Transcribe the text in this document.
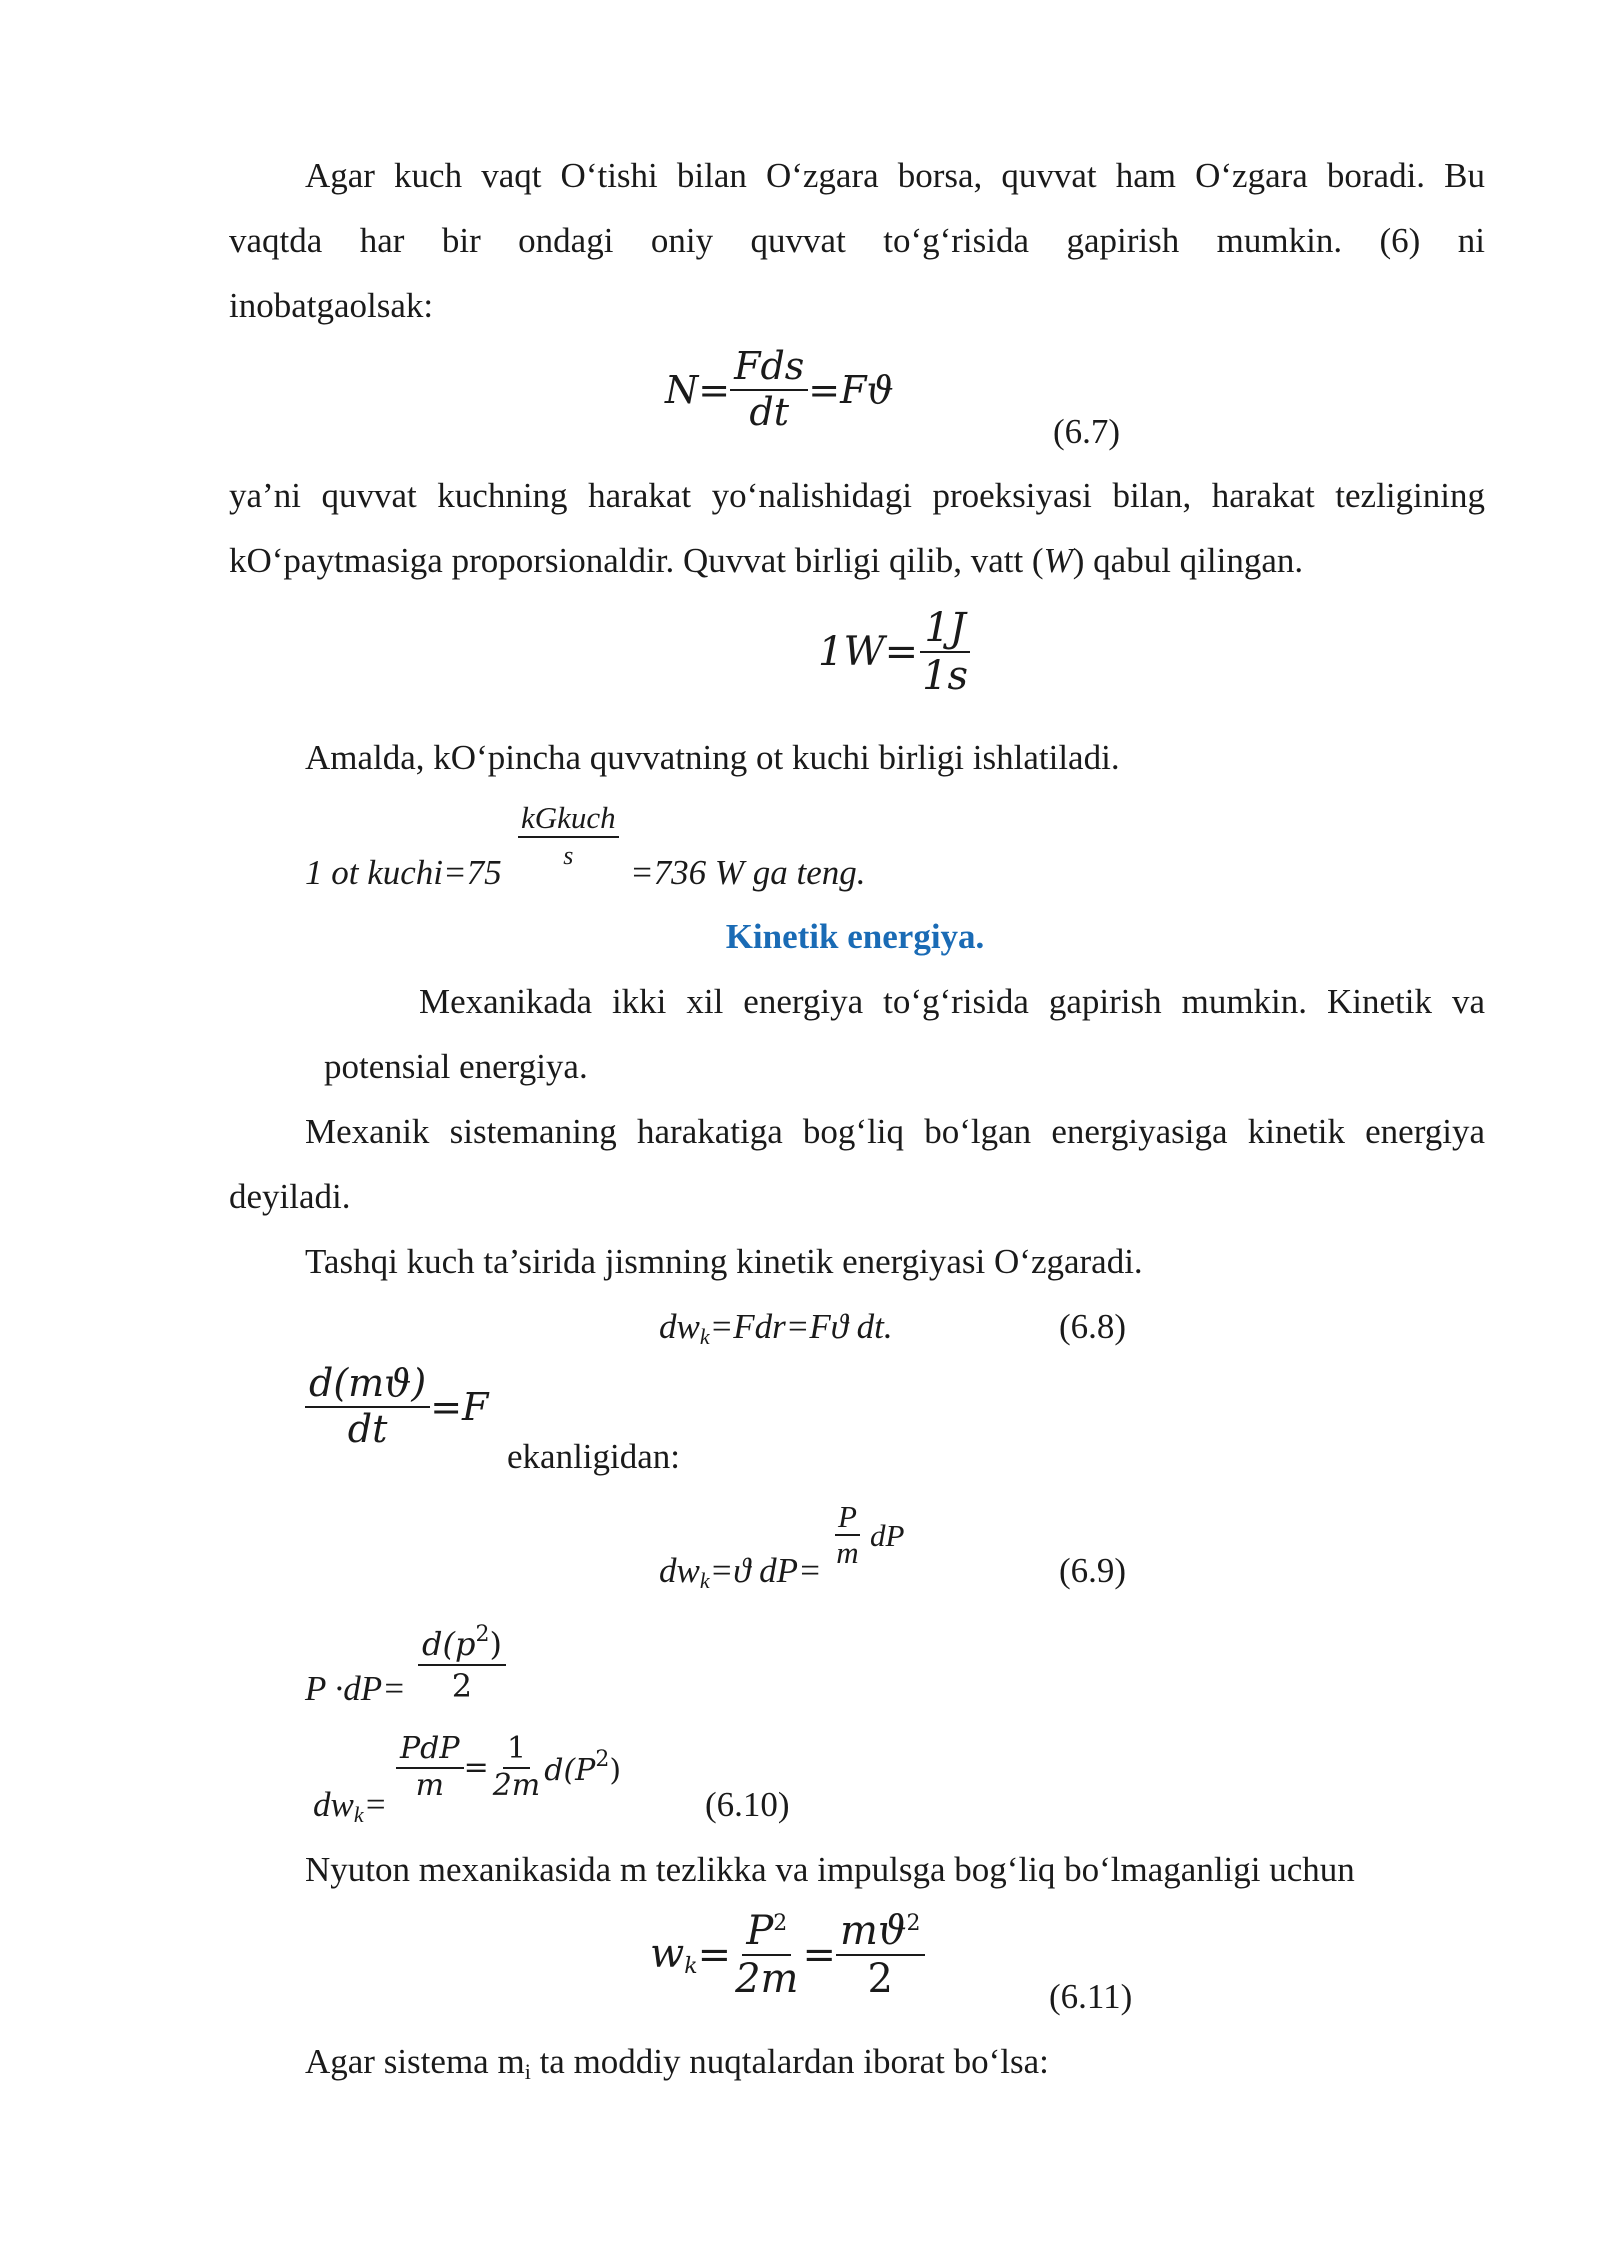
Agar kuch vaqt O‘tishi bilan O‘zgara borsa, quvvat ham O‘zgara boradi. Bu
vaqtda har bir ondagi oniy quvvat to‘g‘risida gapirish mumkin. (6) ni
inobatgaolsak:
$N = \frac{\text{Fds}}{dt} = Fϑ$
(6.7)
ya’ni quvvat kuchning harakat yo‘nalishidagi proeksiyasi bilan, harakat tezligining
kO‘paytmasiga proporsionaldir. Quvvat birligi qilib, vatt (W) qabul qilingan.
$1W = \frac{1J}{1s}$
Amalda, kO‘pincha quvvatning ot kuchi birligi ishlatiladi.
1 ot kuchi=75
kGkuch
s =736 W ga teng.
Kinetik energiya.
Mexanikada ikki xil energiya to‘g‘risida gapirish mumkin. Kinetik va
potensial energiya.
Mexanik sistemaning harakatiga bog‘liq bo‘lgan energiyasiga kinetik energiya
deyiladi.
Tashqi kuch ta’sirida jismning kinetik energiyasi O‘zgaradi.
$dw_k=Fdr=Fϑ$ dt.	(6.8)
$\frac{d(mϑ)}{dt} =F$
ekanligidan:
$dw_k=ϑ$ dP=
$\frac{P}{m}$ dP
(6.9)
$\frac{d(p^2)}{2}$
P ·dP=
$dw_k=$
$\frac{\text{PdP}}{m} = \frac{1}{2m} d(P^2)$
(6.10)
Nyuton mexanikasida m tezlikka va impulsga bog‘liq bo‘lmaganligi uchun
$w_k = \frac{P^2}{2m} = \frac{mϑ^2}{2}$	(6.11)
Agar sistema $m_i$ ta moddiy nuqtalardan iborat bo‘lsa:
